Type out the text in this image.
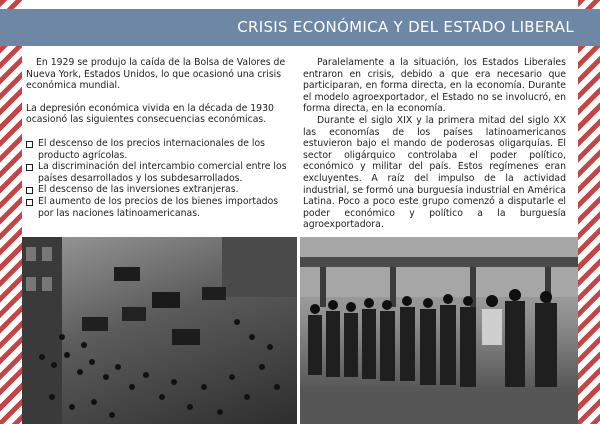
CRISIS ECONÓMICA Y DEL ESTADO LIBERAL

En 1929 se produjo la caída de la Bolsa de Valores de Nueva York, Estados Unidos, lo que ocasionó una crisis económica mundial.

La depresión económica vivida en la década de 1930 ocasionó las siguientes consecuencias económicas.

El descenso de los precios internacionales de los producto agrícolas.
La discriminación del intercambio comercial entre los países desarrollados y los subdesarrollados.
El descenso de las inversiones extranjeras.
El aumento de los precios de los bienes importados por las naciones latinoamericanas.

Paralelamente a la situación, los Estados Liberales entraron en crisis, debido a que era necesario que participaran, en forma directa, en la economía. Durante el modelo agroexportador, el Estado no se involucró, en forma directa, en la economía.

Durante el siglo XIX y la primera mitad del siglo XX las economías de los países latinoamericanos estuvieron bajo el mando de poderosas oligarquías. El sector oligárquico controlaba el poder político, económico y militar del país. Estos regímenes eran excluyentes. A raíz del impulso de la actividad industrial, se formó una burguesía industrial en América Latina. Poco a poco este grupo comenzó a disputarle el poder económico y político a la burguesía agroexportadora.
